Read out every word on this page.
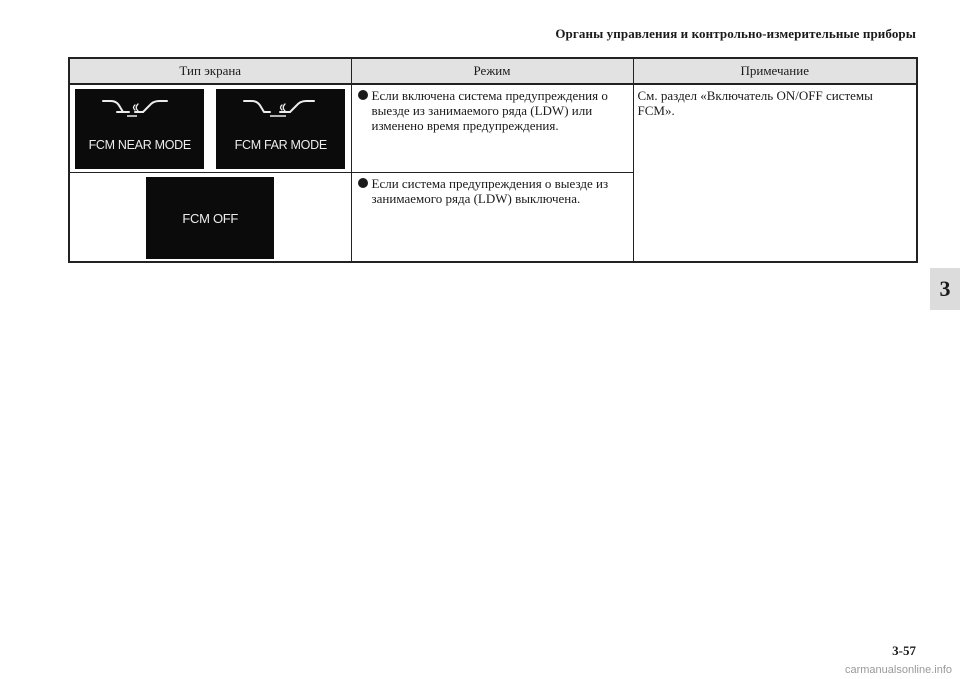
Органы управления и контрольно-измерительные приборы
3
Тип экрана	Режим	Примечание

FCM NEAR MODE FCM FAR MODE	Если включена система предупреждения о выезде из занимаемого ряда (LDW) или изменено время предупреждения.	См. раздел «Включатель ON/OFF системы FCM».

FCM OFF	Если система предупреждения о выезде из занимаемого ряда (LDW) выключена.	
3-57
carmanualsonline.info
